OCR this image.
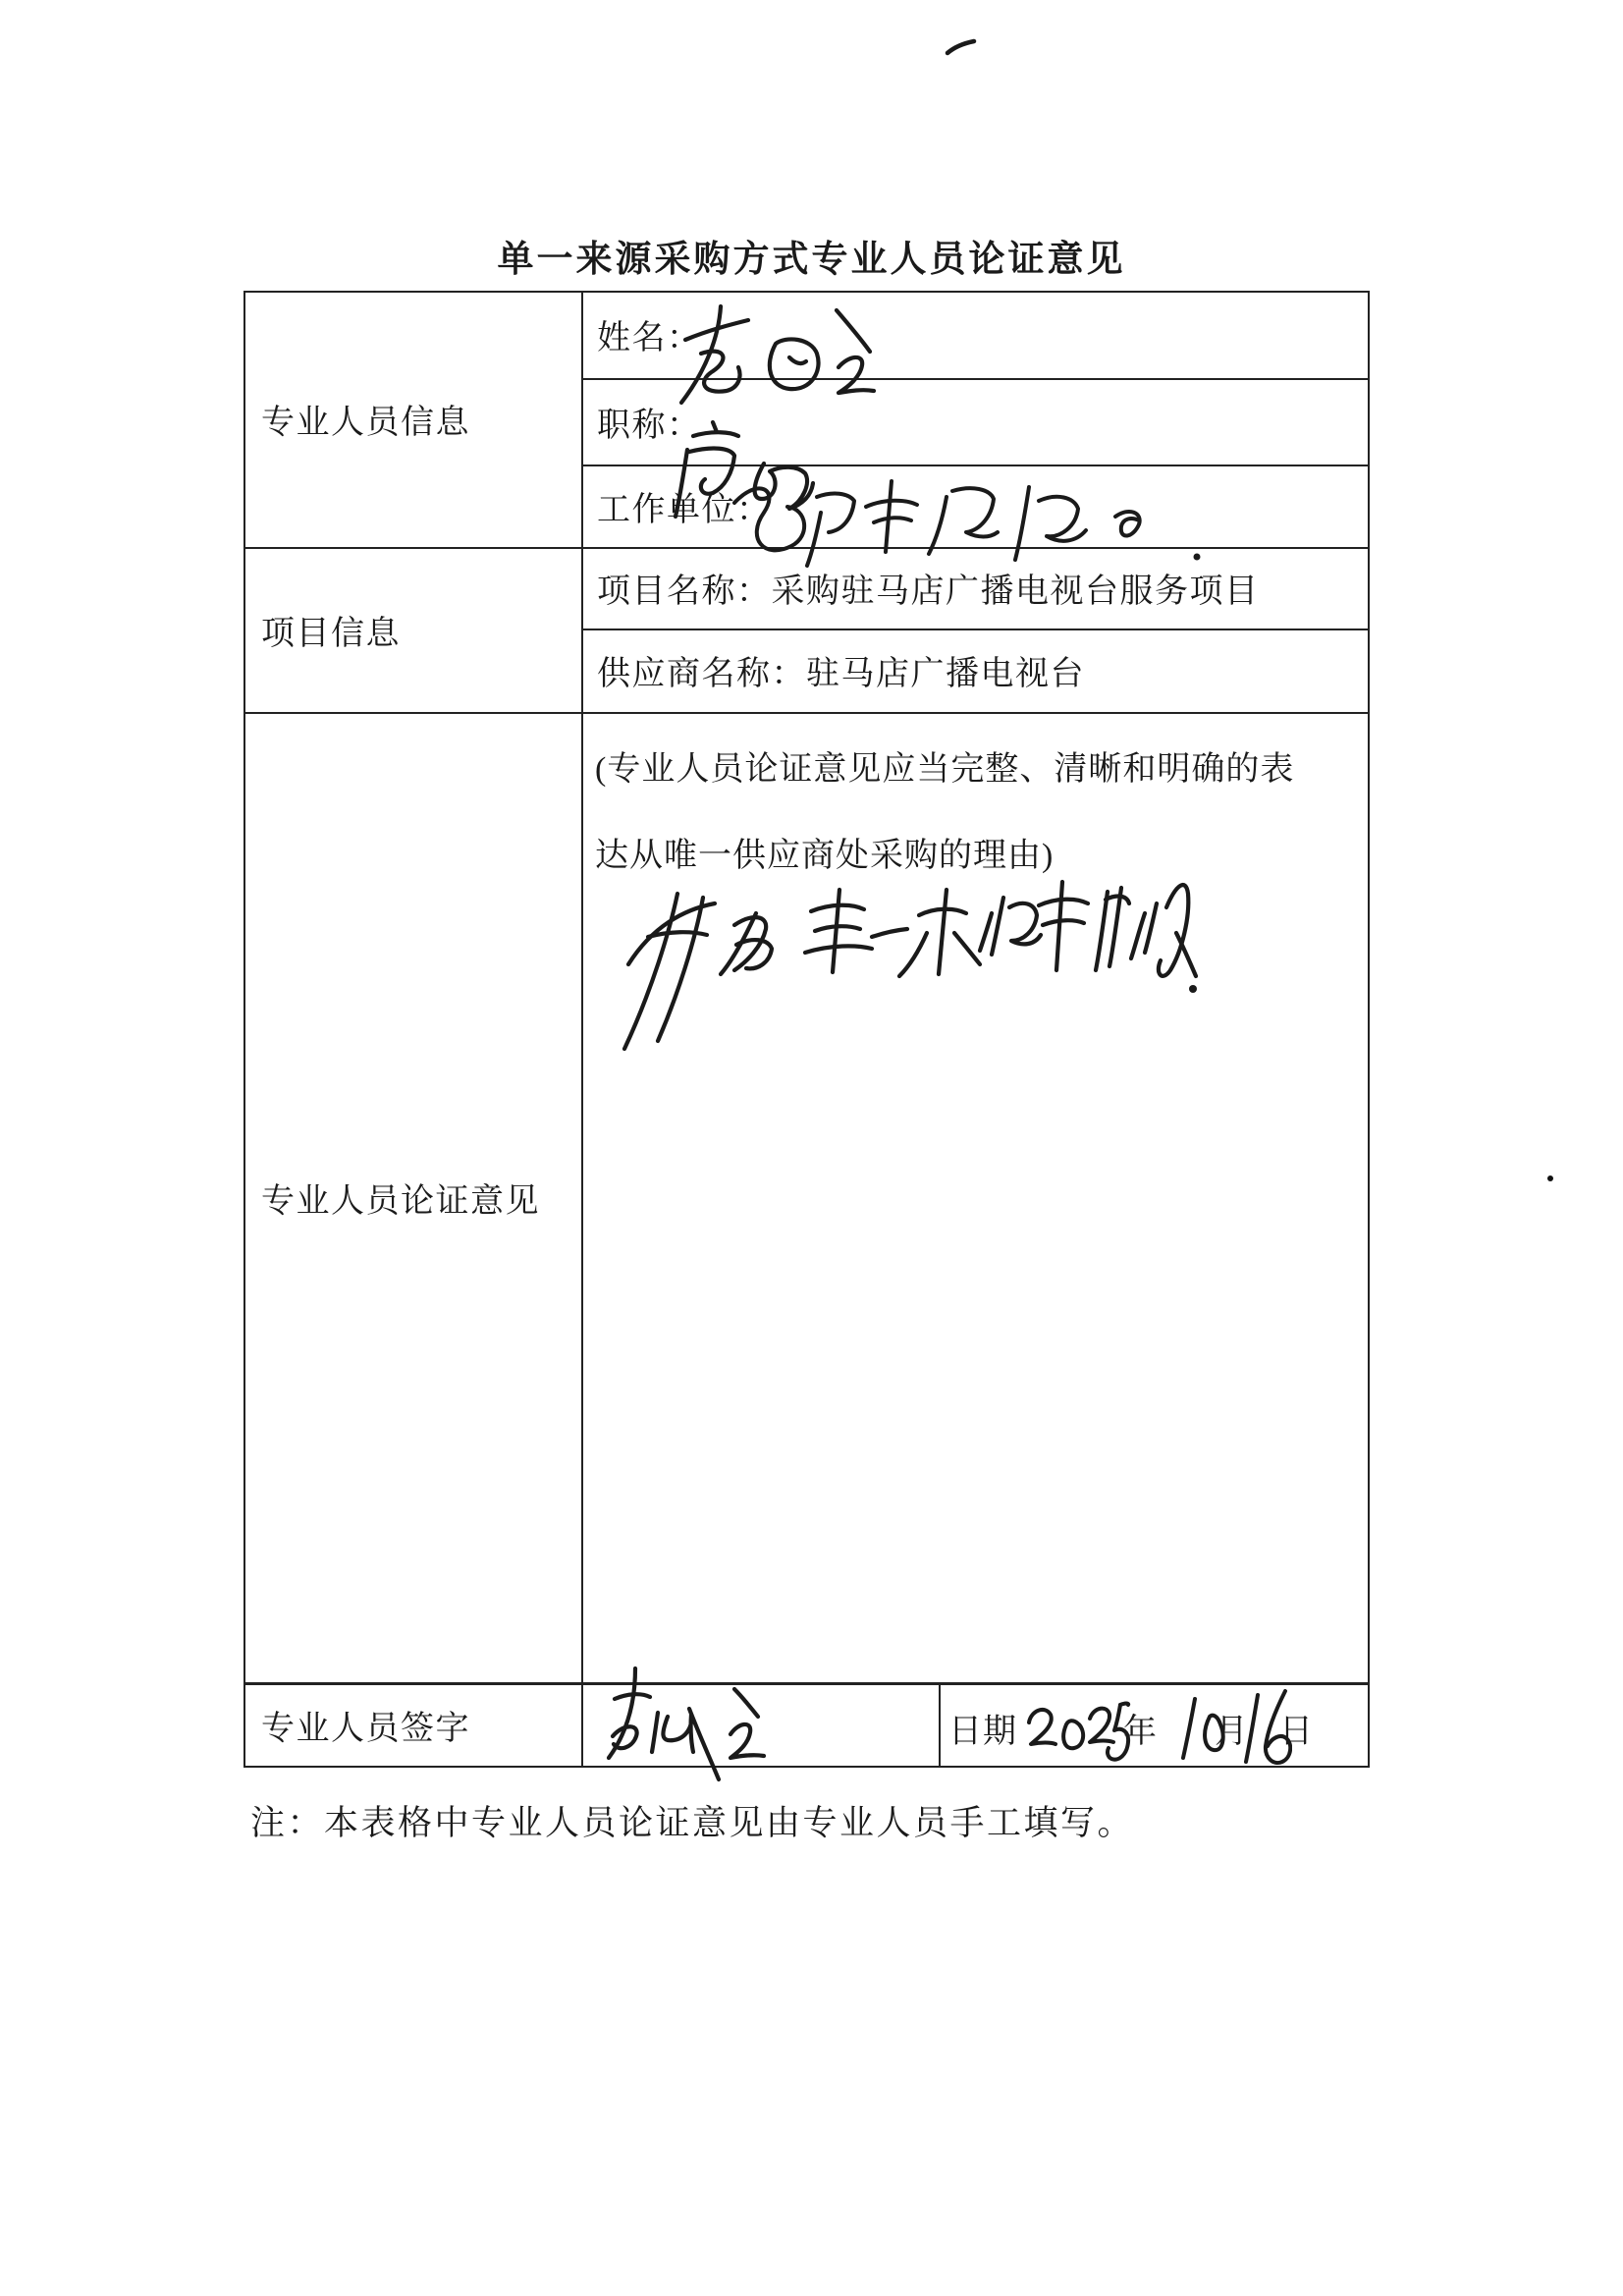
单一来源采购方式专业人员论证意见
专业人员信息
项目信息
专业人员论证意见
专业人员签字
姓名：
职称：
工作单位：
项目名称：采购驻马店广播电视台服务项目
供应商名称：驻马店广播电视台
(专业人员论证意见应当完整、清晰和明确的表
达从唯一供应商处采购的理由)
日期	年 月 日
注：本表格中专业人员论证意见由专业人员手工填写。
